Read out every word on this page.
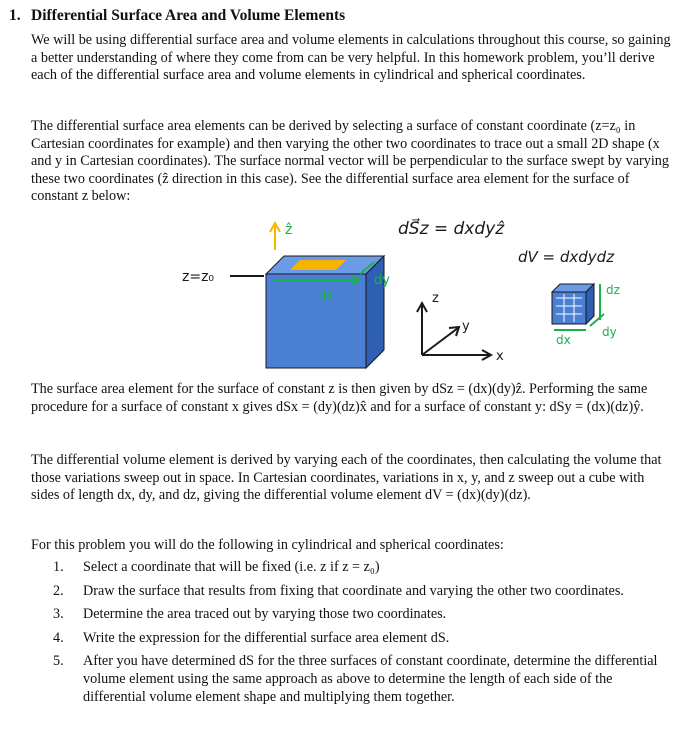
1. Differential Surface Area and Volume Elements

We will be using differential surface area and volume elements in calculations throughout this course, so gaining a better understanding of where they come from can be very helpful. In this homework problem, you’ll derive each of the differential surface area and volume elements in cylindrical and spherical coordinates.

The differential surface area elements can be derived by selecting a surface of constant coordinate (z=z₀ in Cartesian coordinates for example) and then varying the other two coordinates to trace out a small 2D shape (x and y in Cartesian coordinates). The surface normal vector will be perpendicular to the surface swept by varying these two coordinates (ẑ direction in this case). See the differential surface area element for the surface of constant z below:

ẑ
dx
dy
z=z₀
dS⃗z = dxdyẑ
z
y
x
dV = dxdydz
dz
dx
dy

The surface area element for the surface of constant z is then given by dSz = (dx)(dy)ẑ. Performing the same procedure for a surface of constant x gives dSx = (dy)(dz)x̂ and for a surface of constant y: dSy = (dx)(dz)ŷ.

The differential volume element is derived by varying each of the coordinates, then calculating the volume that those variations sweep out in space. In Cartesian coordinates, variations in x, y, and z sweep out a cube with sides of length dx, dy, and dz, giving the differential volume element dV = (dx)(dy)(dz).

For this problem you will do the following in cylindrical and spherical coordinates:

1. Select a coordinate that will be fixed (i.e. z if z = z₀)
2. Draw the surface that results from fixing that coordinate and varying the other two coordinates.
3. Determine the area traced out by varying those two coordinates.
4. Write the expression for the differential surface area element dS.
5. After you have determined dS for the three surfaces of constant coordinate, determine the differential volume element using the same approach as above to determine the length of each side of the differential volume element shape and multiplying them together.
